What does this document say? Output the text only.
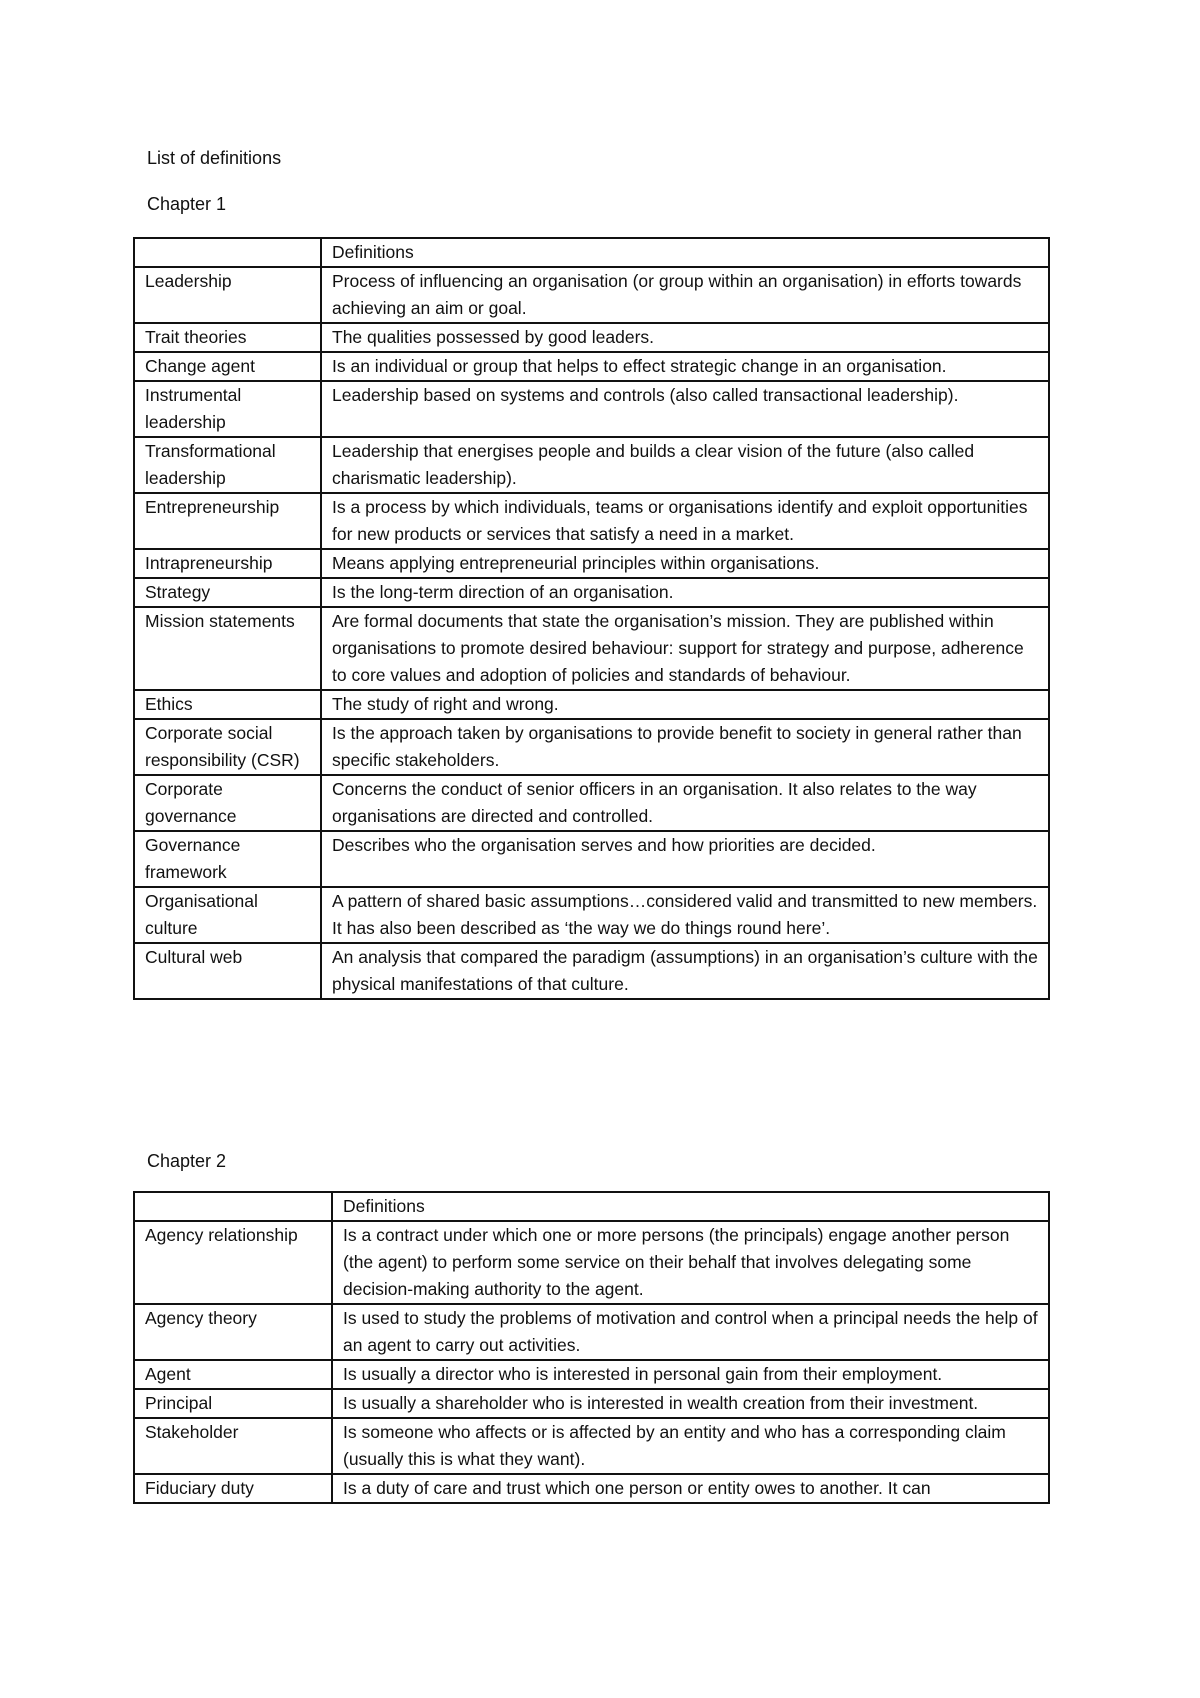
List of definitions
Chapter 1
	Definitions
Leadership	Process of influencing an organisation (or group within an organisation) in efforts towards achieving an aim or goal.
Trait theories	The qualities possessed by good leaders.
Change agent	Is an individual or group that helps to effect strategic change in an organisation.
Instrumental leadership	Leadership based on systems and controls (also called transactional leadership).
Transformational leadership	Leadership that energises people and builds a clear vision of the future (also called charismatic leadership).
Entrepreneurship	Is a process by which individuals, teams or organisations identify and exploit opportunities for new products or services that satisfy a need in a market.
Intrapreneurship	Means applying entrepreneurial principles within organisations.
Strategy	Is the long-term direction of an organisation.
Mission statements	Are formal documents that state the organisation’s mission. They are published within organisations to promote desired behaviour: support for strategy and purpose, adherence to core values and adoption of policies and standards of behaviour.
Ethics	The study of right and wrong.
Corporate social responsibility (CSR)	Is the approach taken by organisations to provide benefit to society in general rather than specific stakeholders.
Corporate governance	Concerns the conduct of senior officers in an organisation. It also relates to the way organisations are directed and controlled.
Governance framework	Describes who the organisation serves and how priorities are decided.
Organisational culture	A pattern of shared basic assumptions…considered valid and transmitted to new members. It has also been described as ‘the way we do things round here’.
Cultural web	An analysis that compared the paradigm (assumptions) in an organisation’s culture with the physical manifestations of that culture.
Chapter 2
	Definitions
Agency relationship	Is a contract under which one or more persons (the principals) engage another person (the agent) to perform some service on their behalf that involves delegating some decision-making authority to the agent.
Agency theory	Is used to study the problems of motivation and control when a principal needs the help of an agent to carry out activities.
Agent	Is usually a director who is interested in personal gain from their employment.
Principal	Is usually a shareholder who is interested in wealth creation from their investment.
Stakeholder	Is someone who affects or is affected by an entity and who has a corresponding claim (usually this is what they want).
Fiduciary duty	Is a duty of care and trust which one person or entity owes to another. It can
